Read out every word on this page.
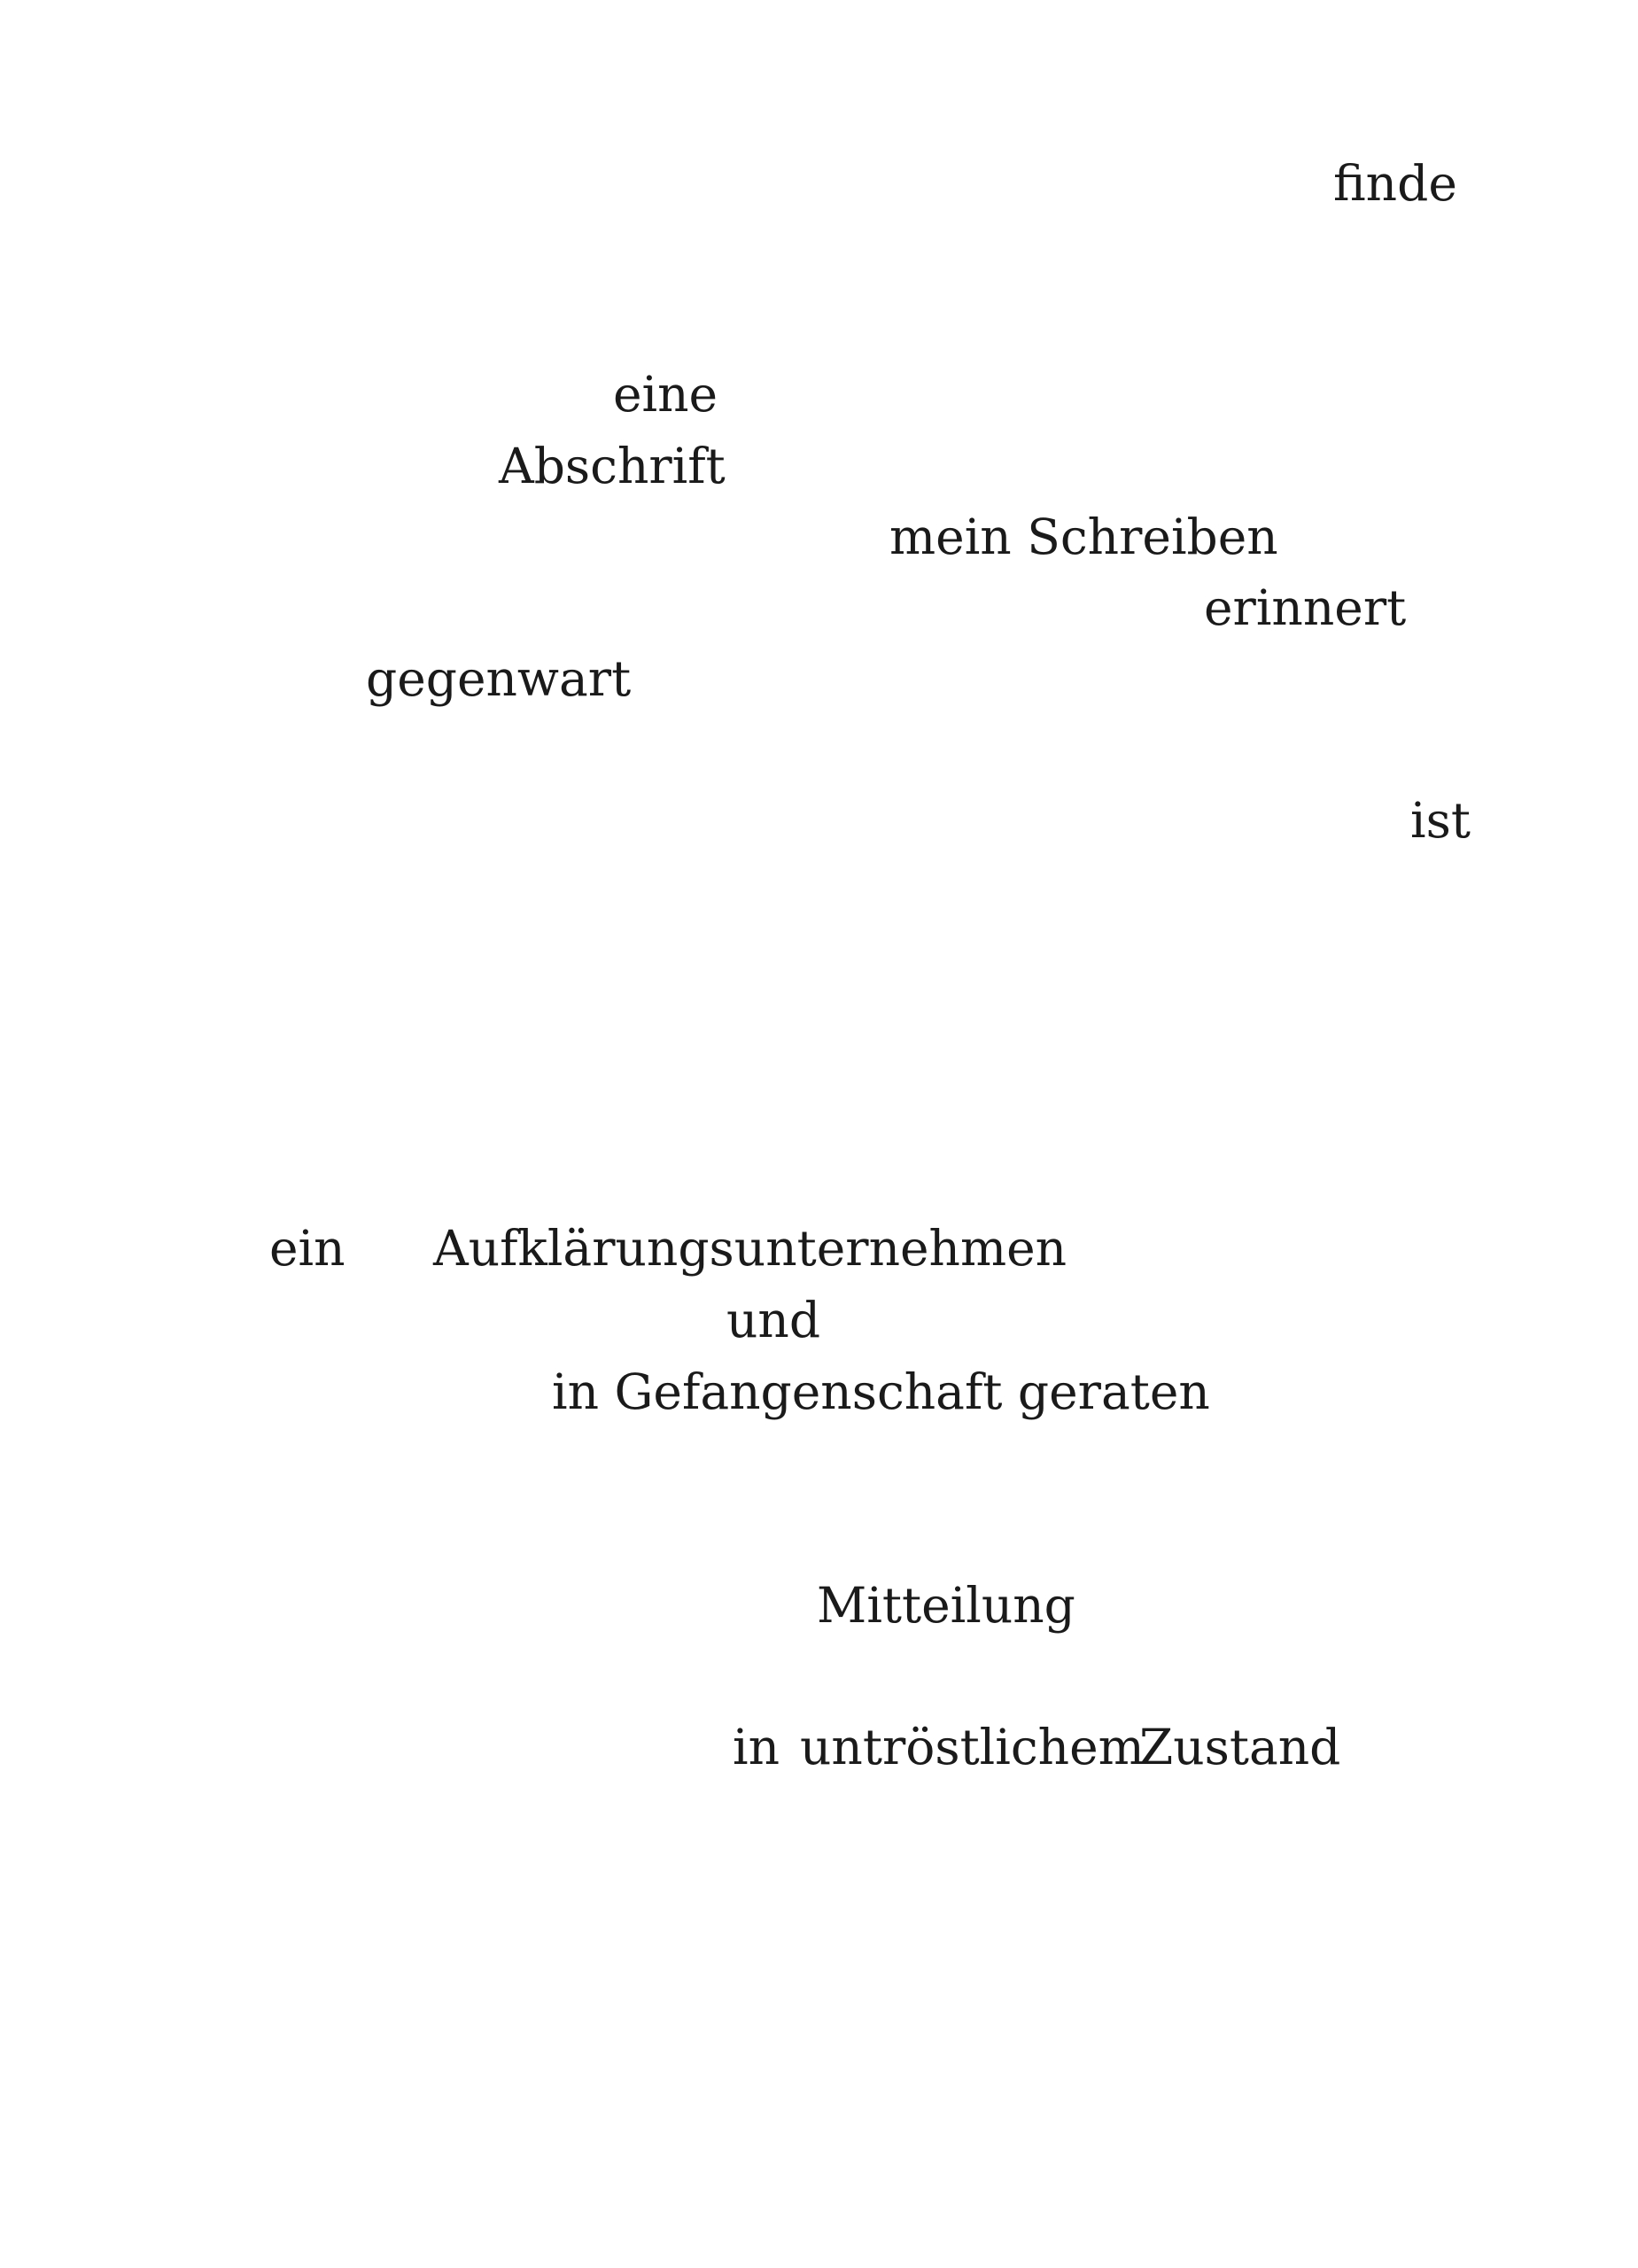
finde
eine
Abschrift
mein Schreiben
erinnert
gegenwart
ist
ein Aufklärungsunternehmen
und
in Gefangenschaft geraten
Mitteilung
in untröstlichem
Zustand
